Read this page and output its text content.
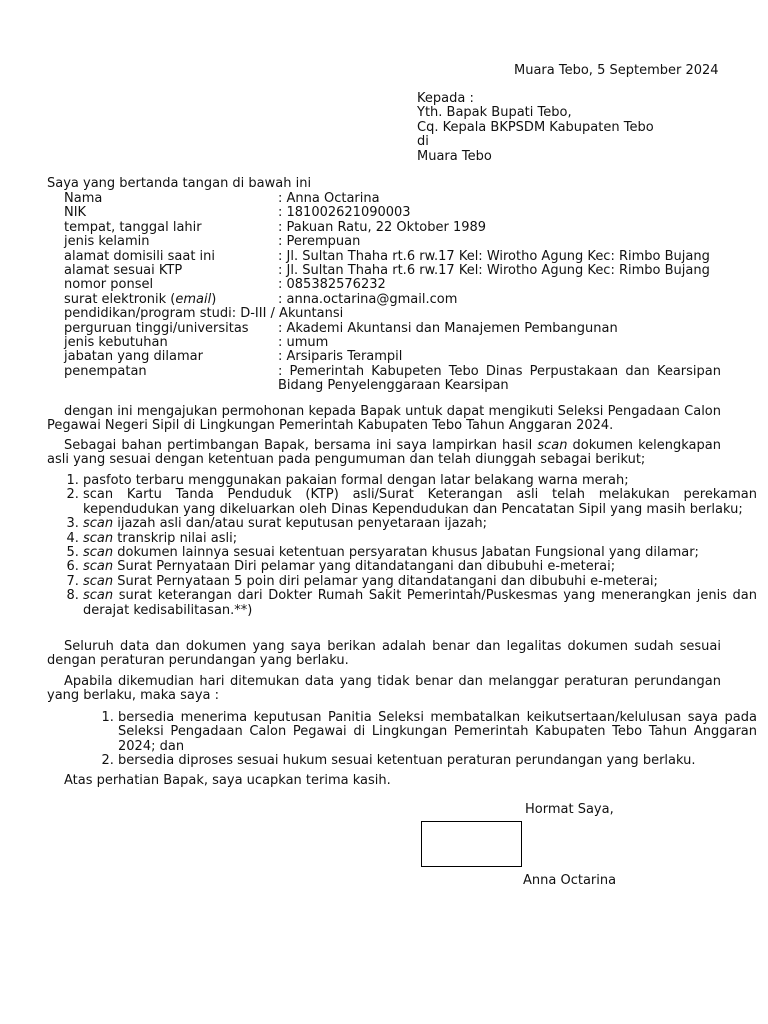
Muara Tebo, 5 September 2024
Kepada :
Yth. Bapak Bupati Tebo,
Cq. Kepala BKPSDM Kabupaten Tebo
di
Muara Tebo
Saya yang bertanda tangan di bawah ini
Nama	: Anna Octarina
NIK	: 181002621090003
tempat, tanggal lahir	: Pakuan Ratu, 22 Oktober 1989
jenis kelamin	: Perempuan
alamat domisili saat ini	: Jl. Sultan Thaha rt.6 rw.17 Kel: Wirotho Agung Kec: Rimbo Bujang
alamat sesuai KTP	: Jl. Sultan Thaha rt.6 rw.17 Kel: Wirotho Agung Kec: Rimbo Bujang
nomor ponsel	: 085382576232
surat elektronik (email)	: anna.octarina@gmail.com
pendidikan/program studi: D-III / Akuntansi
perguruan tinggi/universitas	: Akademi Akuntansi dan Manajemen Pembangunan
jenis kebutuhan	: umum
jabatan yang dilamar	: Arsiparis Terampil
penempatan	: Pemerintah Kabupeten Tebo Dinas Perpustakaan dan Kearsipan Bidang Penyelenggaraan Kearsipan
dengan ini mengajukan permohonan kepada Bapak untuk dapat mengikuti Seleksi Pengadaan Calon Pegawai Negeri Sipil di Lingkungan Pemerintah Kabupaten Tebo Tahun Anggaran 2024.
Sebagai bahan pertimbangan Bapak, bersama ini saya lampirkan hasil scan dokumen kelengkapan asli yang sesuai dengan ketentuan pada pengumuman dan telah diunggah sebagai berikut;
1. pasfoto terbaru menggunakan pakaian formal dengan latar belakang warna merah;
2. scan Kartu Tanda Penduduk (KTP) asli/Surat Keterangan asli telah melakukan perekaman kependudukan yang dikeluarkan oleh Dinas Kependudukan dan Pencatatan Sipil yang masih berlaku;
3. scan ijazah asli dan/atau surat keputusan penyetaraan ijazah;
4. scan transkrip nilai asli;
5. scan dokumen lainnya sesuai ketentuan persyaratan khusus Jabatan Fungsional yang dilamar;
6. scan Surat Pernyataan Diri pelamar yang ditandatangani dan dibubuhi e-meterai;
7. scan Surat Pernyataan 5 poin diri pelamar yang ditandatangani dan dibubuhi e-meterai;
8. scan surat keterangan dari Dokter Rumah Sakit Pemerintah/Puskesmas yang menerangkan jenis dan derajat kedisabilitasan.**)
Seluruh data dan dokumen yang saya berikan adalah benar dan legalitas dokumen sudah sesuai dengan peraturan perundangan yang berlaku.
Apabila dikemudian hari ditemukan data yang tidak benar dan melanggar peraturan perundangan yang berlaku, maka saya :
1. bersedia menerima keputusan Panitia Seleksi membatalkan keikutsertaan/kelulusan saya pada Seleksi Pengadaan Calon Pegawai di Lingkungan Pemerintah Kabupaten Tebo Tahun Anggaran 2024; dan
2. bersedia diproses sesuai hukum sesuai ketentuan peraturan perundangan yang berlaku.
Atas perhatian Bapak, saya ucapkan terima kasih.
Hormat Saya,
Anna Octarina
